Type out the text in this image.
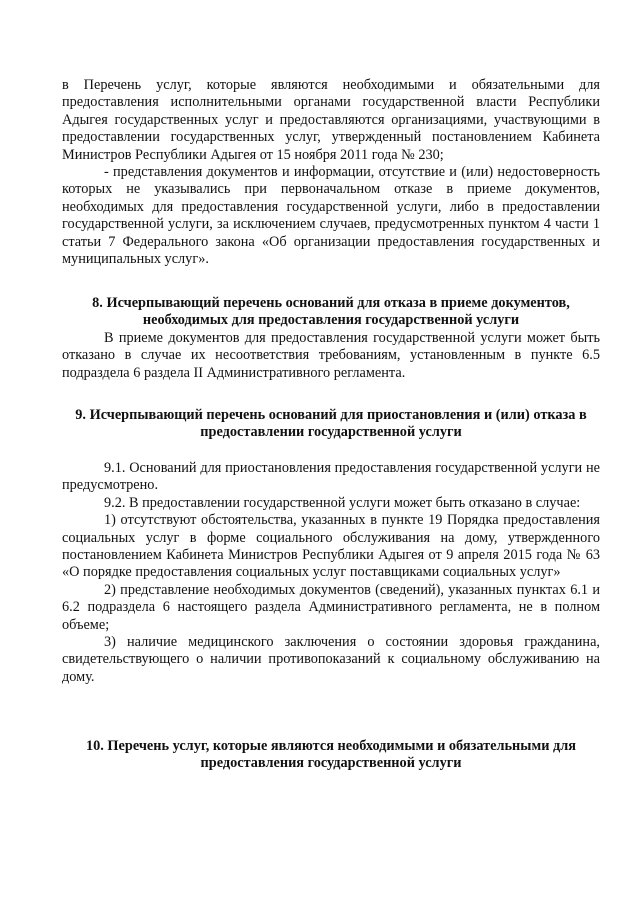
в Перечень услуг, которые являются необходимыми и обязательными для предоставления исполнительными органами государственной власти Республики Адыгея государственных услуг и предоставляются организациями, участвующими в предоставлении государственных услуг, утвержденный постановлением Кабинета Министров Республики Адыгея от 15 ноября 2011 года № 230;

- представления документов и информации, отсутствие и (или) недостоверность которых не указывались при первоначальном отказе в приеме документов, необходимых для предоставления государственной услуги, либо в предоставлении государственной услуги, за исключением случаев, предусмотренных пунктом 4 части 1 статьи 7 Федерального закона «Об организации предоставления государственных и муниципальных услуг».

8. Исчерпывающий перечень оснований для отказа в приеме документов, необходимых для предоставления государственной услуги

В приеме документов для предоставления государственной услуги может быть отказано в случае их несоответствия требованиям, установленным в пункте 6.5 подраздела 6 раздела II Административного регламента.

9. Исчерпывающий перечень оснований для приостановления и (или) отказа в предоставлении государственной услуги

9.1. Оснований для приостановления предоставления государственной услуги не предусмотрено.

9.2. В предоставлении государственной услуги может быть отказано в случае:

1) отсутствуют обстоятельства, указанных в пункте 19 Порядка предоставления социальных услуг в форме социального обслуживания на дому, утвержденного постановлением Кабинета Министров Республики Адыгея от 9 апреля 2015 года № 63 «О порядке предоставления социальных услуг поставщиками социальных услуг»

2) представление необходимых документов (сведений), указанных пунктах 6.1 и 6.2 подраздела 6 настоящего раздела Административного регламента, не в полном объеме;

3) наличие медицинского заключения о состоянии здоровья гражданина, свидетельствующего о наличии противопоказаний к социальному обслуживанию на дому.

10. Перечень услуг, которые являются необходимыми и обязательными для предоставления государственной услуги
